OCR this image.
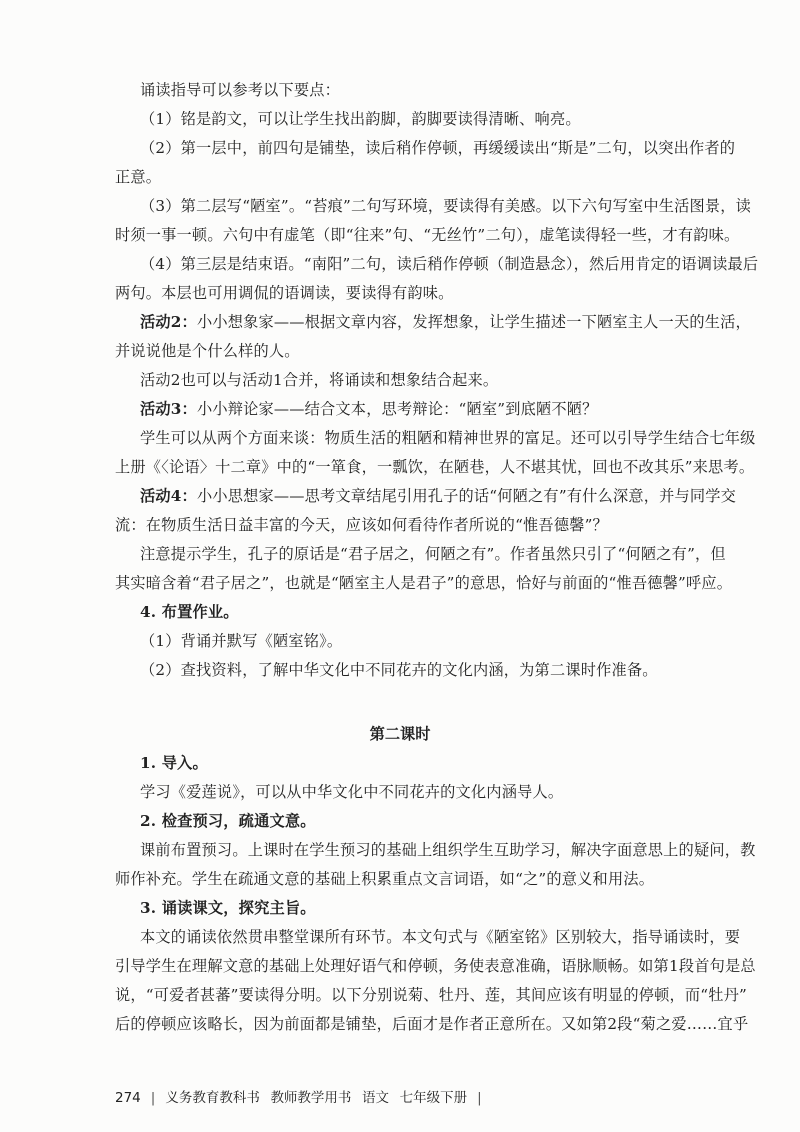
诵读指导可以参考以下要点：
（1）铭是韵文，可以让学生找出韵脚，韵脚要读得清晰、响亮。
（2）第一层中，前四句是铺垫，读后稍作停顿，再缓缓读出“斯是”二句，以突出作者的
正意。
（3）第二层写“陋室”。“苔痕”二句写环境，要读得有美感。以下六句写室中生活图景，读
时须一事一顿。六句中有虚笔（即“往来”句、“无丝竹”二句），虚笔读得轻一些，才有韵味。
（4）第三层是结束语。“南阳”二句，读后稍作停顿（制造悬念），然后用肯定的语调读最后
两句。本层也可用调侃的语调读，要读得有韵味。
活动2：小小想象家——根据文章内容，发挥想象，让学生描述一下陋室主人一天的生活，
并说说他是个什么样的人。
活动2也可以与活动1合并，将诵读和想象结合起来。
活动3：小小辩论家——结合文本，思考辩论：“陋室”到底陋不陋？
学生可以从两个方面来谈：物质生活的粗陋和精神世界的富足。还可以引导学生结合七年级
上册《〈论语〉十二章》中的“一箪食，一瓢饮，在陋巷，人不堪其忧，回也不改其乐”来思考。
活动4：小小思想家——思考文章结尾引用孔子的话“何陋之有”有什么深意，并与同学交
流：在物质生活日益丰富的今天，应该如何看待作者所说的“惟吾德馨”？
注意提示学生，孔子的原话是“君子居之，何陋之有”。作者虽然只引了“何陋之有”，但
其实暗含着“君子居之”，也就是“陋室主人是君子”的意思，恰好与前面的“惟吾德馨”呼应。
4. 布置作业。
（1）背诵并默写《陋室铭》。
（2）查找资料，了解中华文化中不同花卉的文化内涵，为第二课时作准备。
第二课时
1. 导入。
学习《爱莲说》，可以从中华文化中不同花卉的文化内涵导人。
2. 检查预习，疏通文意。
课前布置预习。上课时在学生预习的基础上组织学生互助学习，解决字面意思上的疑问，教
师作补充。学生在疏通文意的基础上积累重点文言词语，如“之”的意义和用法。
3. 诵读课文，探究主旨。
本文的诵读依然贯串整堂课所有环节。本文句式与《陋室铭》区别较大，指导诵读时，要
引导学生在理解文意的基础上处理好语气和停顿，务使表意准确，语脉顺畅。如第1段首句是总
说，“可爱者甚蕃”要读得分明。以下分别说菊、牡丹、莲，其间应该有明显的停顿，而“牡丹”
后的停顿应该略长，因为前面都是铺垫，后面才是作者正意所在。又如第2段“菊之爱……宜乎
274 | 义务教育教科书 教师教学用书 语文 七年级下册 |
